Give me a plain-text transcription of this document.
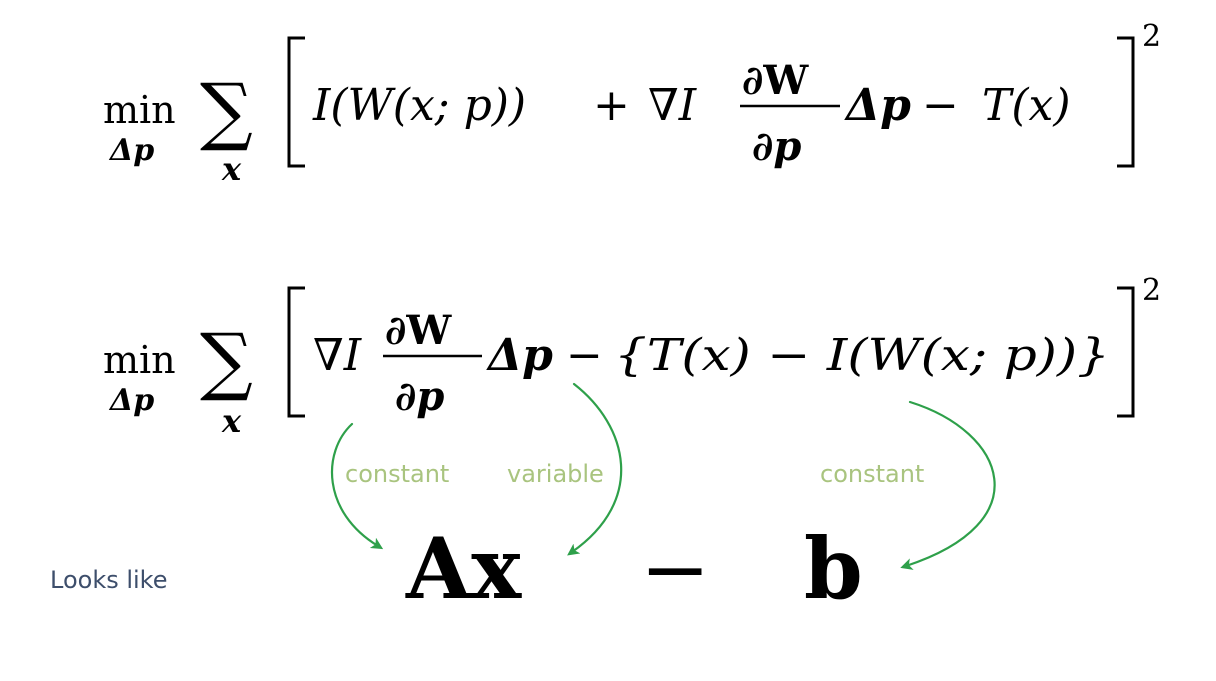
min
Δp ∑
x
I(W(x; p)) + ∇I ∂W
∂p
Δp − T(x)
2
min
Δp ∑
x
∇I ∂W
∂p
Δp − {T(x) − I(W(x; p))}
2
constant variable	constant
Looks like	Ax − b
